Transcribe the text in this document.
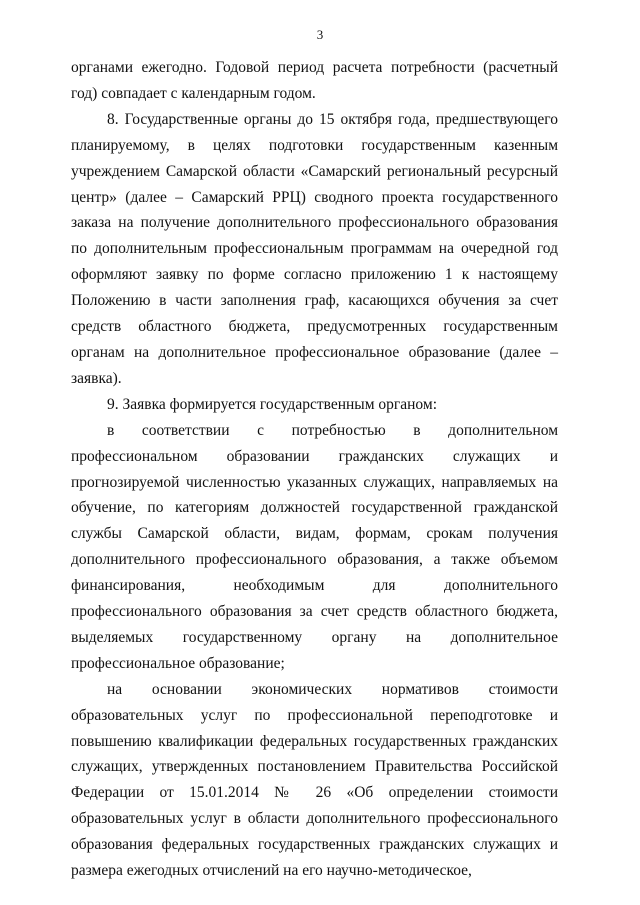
3

органами ежегодно. Годовой период расчета потребности (расчетный год) совпадает с календарным годом.

8. Государственные органы до 15 октября года, предшествующего планируемому, в целях подготовки государственным казенным учреждением Самарской области «Самарский региональный ресурсный центр» (далее – Самарский РРЦ) сводного проекта государственного заказа на получение дополнительного профессионального образования по дополнительным профессиональным программам на очередной год оформляют заявку по форме согласно приложению 1 к настоящему Положению в части заполнения граф, касающихся обучения за счет средств областного бюджета, предусмотренных государственным органам на дополнительное профессиональное образование (далее – заявка).

9. Заявка формируется государственным органом:

в соответствии с потребностью в дополнительном профессиональном образовании гражданских служащих и прогнозируемой численностью указанных служащих, направляемых на обучение, по категориям должностей государственной гражданской службы Самарской области, видам, формам, срокам получения дополнительного профессионального образования, а также объемом финансирования, необходимым для дополнительного профессионального образования за счет средств областного бюджета, выделяемых государственному органу на дополнительное профессиональное образование;

на основании экономических нормативов стоимости образовательных услуг по профессиональной переподготовке и повышению квалификации федеральных государственных гражданских служащих, утвержденных постановлением Правительства Российской Федерации от 15.01.2014 № 26 «Об определении стоимости образовательных услуг в области дополнительного профессионального образования федеральных государственных гражданских служащих и размера ежегодных отчислений на его научно-методическое,
